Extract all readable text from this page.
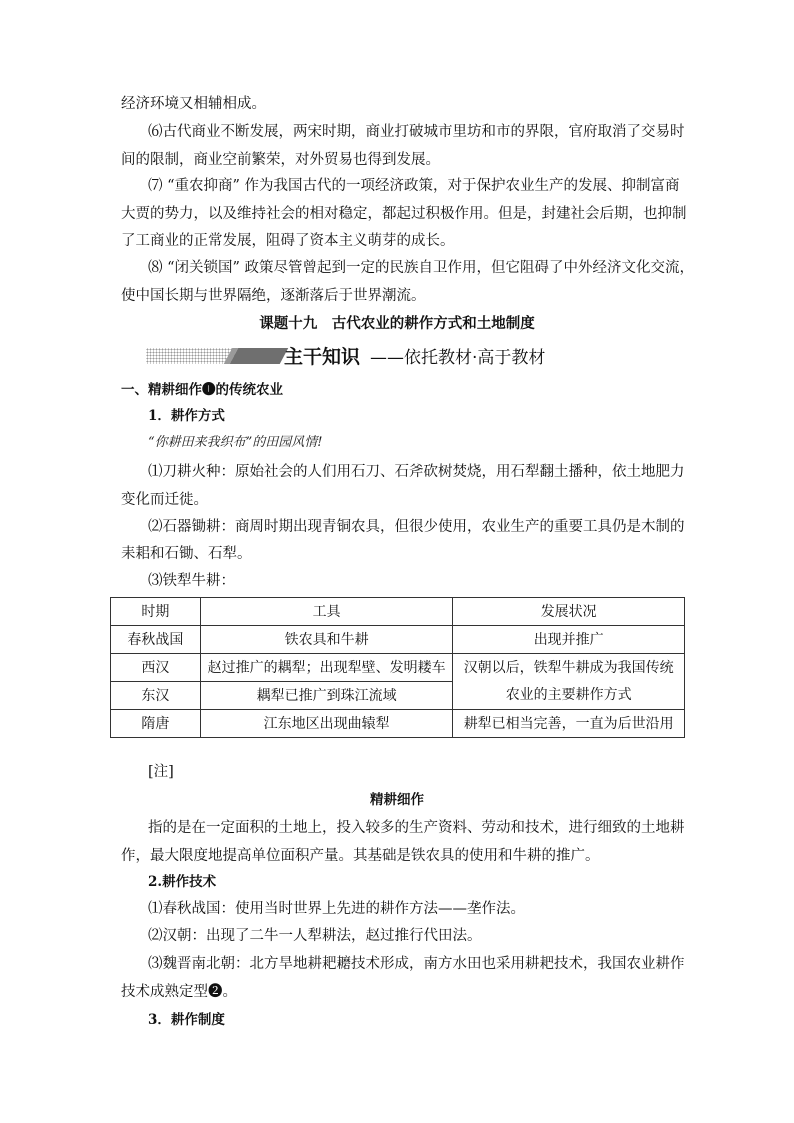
经济环境又相辅相成。
⑹古代商业不断发展，两宋时期，商业打破城市里坊和市的界限，官府取消了交易时
间的限制，商业空前繁荣，对外贸易也得到发展。
⑺ “重农抑商” 作为我国古代的一项经济政策，对于保护农业生产的发展、抑制富商
大贾的势力，以及维持社会的相对稳定，都起过积极作用。但是，封建社会后期，也抑制
了工商业的正常发展，阻碍了资本主义萌芽的成长。
⑻ “闭关锁国” 政策尽管曾起到一定的民族自卫作用，但它阻碍了中外经济文化交流，
使中国长期与世界隔绝，逐渐落后于世界潮流。
课题十九　古代农业的耕作方式和土地制度
主干知识 ——依托教材·高于教材
一、精耕细作❶的传统农业
1．耕作方式
“你耕田来我织布”的田园风情!
⑴刀耕火种：原始社会的人们用石刀、石斧砍树焚烧，用石犁翻土播种，依土地肥力
变化而迁徙。
⑵石器锄耕：商周时期出现青铜农具，但很少使用，农业生产的重要工具仍是木制的
耒耜和石锄、石犁。
⑶铁犁牛耕：
时期	工具	发展状况
春秋战国	铁农具和牛耕	出现并推广
西汉	赵过推广的耦犁；出现犁壁、发明耧车	汉朝以后，铁犁牛耕成为我国传统
农业的主要耕作方式

东汉	耦犁已推广到珠江流域	
隋唐	江东地区出现曲辕犁	耕犁已相当完善，一直为后世沿用
[注]
精耕细作
指的是在一定面积的土地上，投入较多的生产资料、劳动和技术，进行细致的土地耕
作，最大限度地提高单位面积产量。其基础是铁农具的使用和牛耕的推广。
2.耕作技术
⑴春秋战国：使用当时世界上先进的耕作方法——垄作法。
⑵汉朝：出现了二牛一人犁耕法，赵过推行代田法。
⑶魏晋南北朝：北方旱地耕耙耱技术形成，南方水田也采用耕耙技术，我国农业耕作
技术成熟定型❷。
3．耕作制度
